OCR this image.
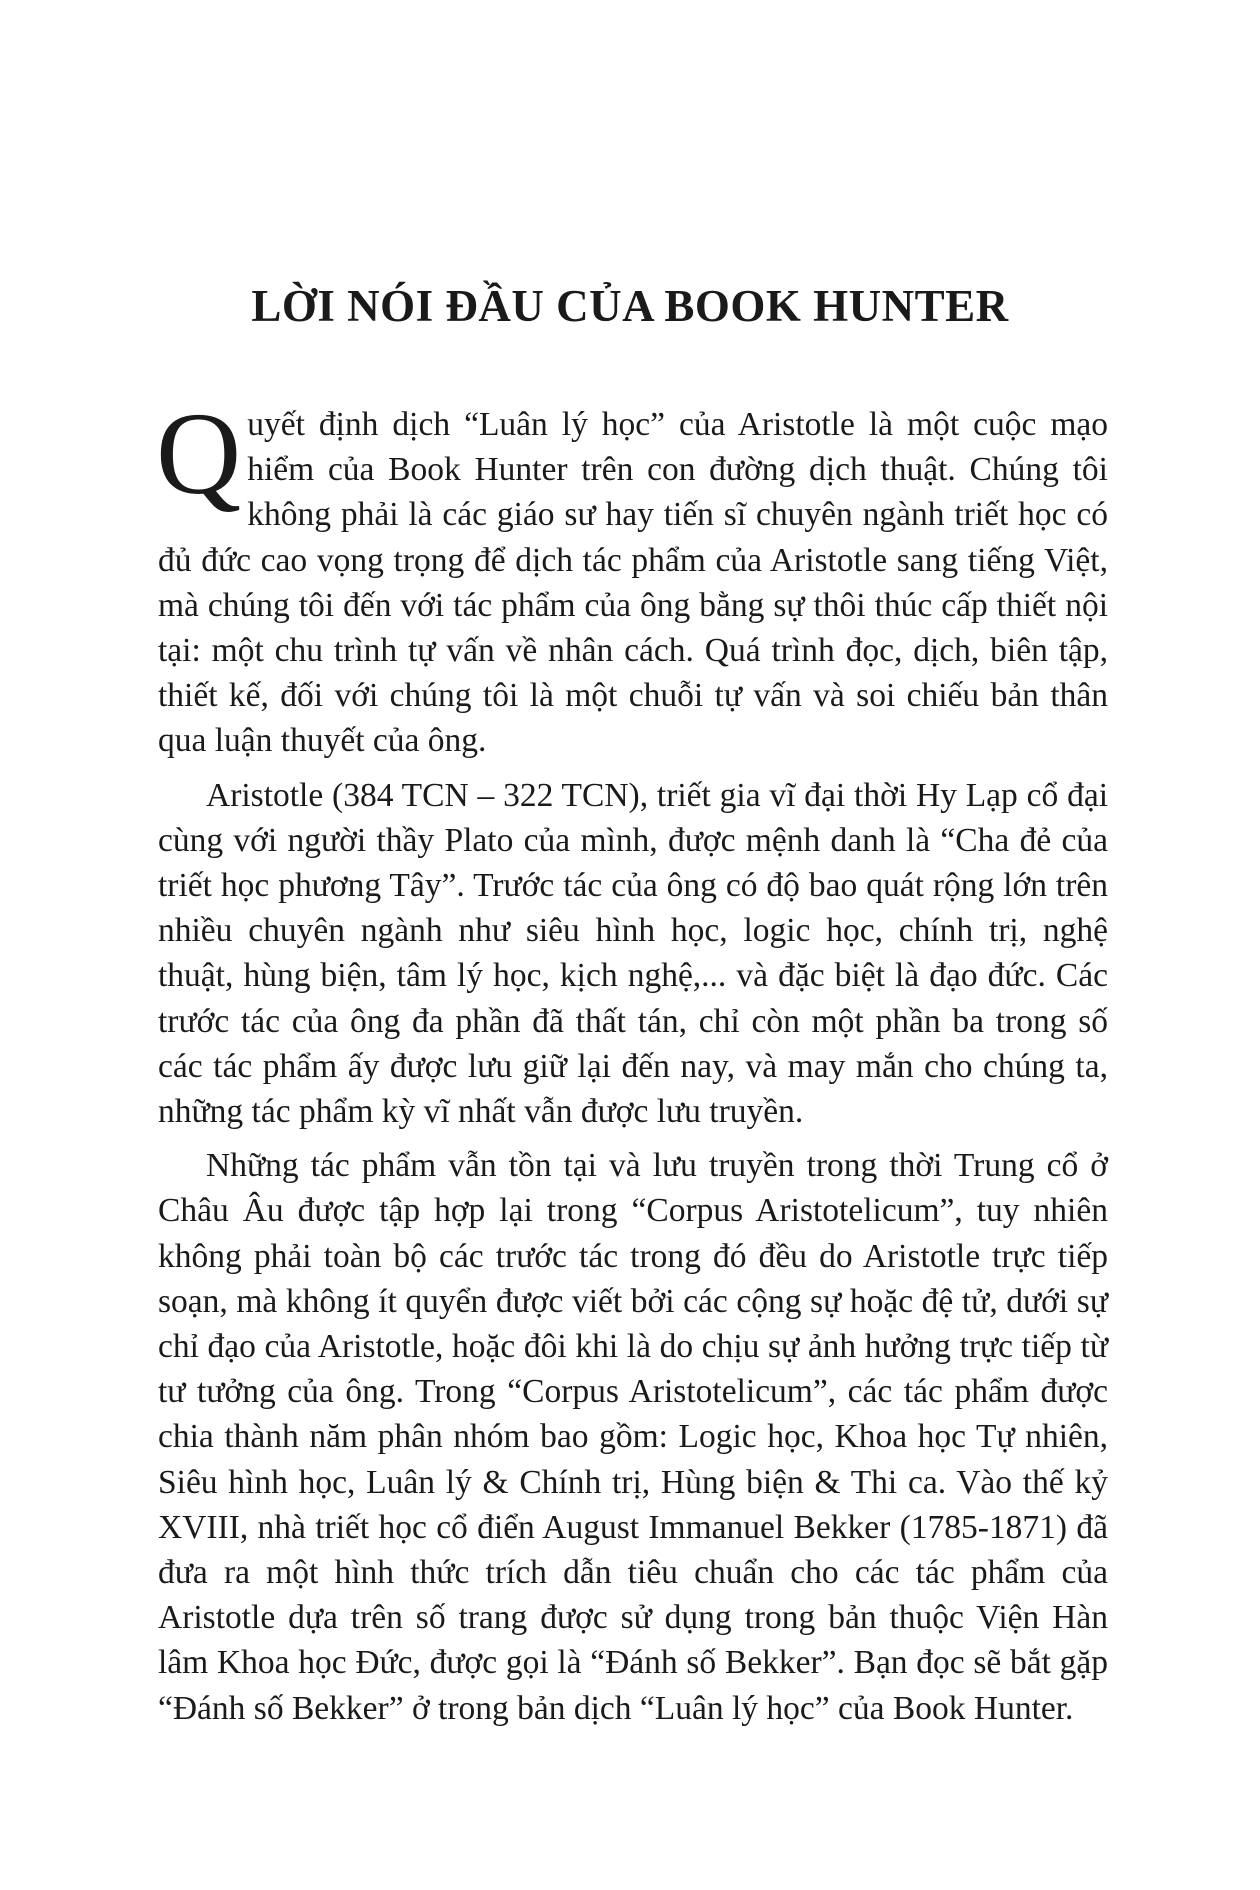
LỜI NÓI ĐẦU CỦA BOOK HUNTER

Quyết định dịch “Luân lý học” của Aristotle là một cuộc mạo hiểm của Book Hunter trên con đường dịch thuật. Chúng tôi không phải là các giáo sư hay tiến sĩ chuyên ngành triết học có đủ đức cao vọng trọng để dịch tác phẩm của Aristotle sang tiếng Việt, mà chúng tôi đến với tác phẩm của ông bằng sự thôi thúc cấp thiết nội tại: một chu trình tự vấn về nhân cách. Quá trình đọc, dịch, biên tập, thiết kế, đối với chúng tôi là một chuỗi tự vấn và soi chiếu bản thân qua luận thuyết của ông.

Aristotle (384 TCN – 322 TCN), triết gia vĩ đại thời Hy Lạp cổ đại cùng với người thầy Plato của mình, được mệnh danh là “Cha đẻ của triết học phương Tây”. Trước tác của ông có độ bao quát rộng lớn trên nhiều chuyên ngành như siêu hình học, logic học, chính trị, nghệ thuật, hùng biện, tâm lý học, kịch nghệ,... và đặc biệt là đạo đức. Các trước tác của ông đa phần đã thất tán, chỉ còn một phần ba trong số các tác phẩm ấy được lưu giữ lại đến nay, và may mắn cho chúng ta, những tác phẩm kỳ vĩ nhất vẫn được lưu truyền.

Những tác phẩm vẫn tồn tại và lưu truyền trong thời Trung cổ ở Châu Âu được tập hợp lại trong “Corpus Aristotelicum”, tuy nhiên không phải toàn bộ các trước tác trong đó đều do Aristotle trực tiếp soạn, mà không ít quyển được viết bởi các cộng sự hoặc đệ tử, dưới sự chỉ đạo của Aristotle, hoặc đôi khi là do chịu sự ảnh hưởng trực tiếp từ tư tưởng của ông. Trong “Corpus Aristotelicum”, các tác phẩm được chia thành năm phân nhóm bao gồm: Logic học, Khoa học Tự nhiên, Siêu hình học, Luân lý & Chính trị, Hùng biện & Thi ca. Vào thế kỷ XVIII, nhà triết học cổ điển August Immanuel Bekker (1785-1871) đã đưa ra một hình thức trích dẫn tiêu chuẩn cho các tác phẩm của Aristotle dựa trên số trang được sử dụng trong bản thuộc Viện Hàn lâm Khoa học Đức, được gọi là “Đánh số Bekker”. Bạn đọc sẽ bắt gặp “Đánh số Bekker” ở trong bản dịch “Luân lý học” của Book Hunter.
